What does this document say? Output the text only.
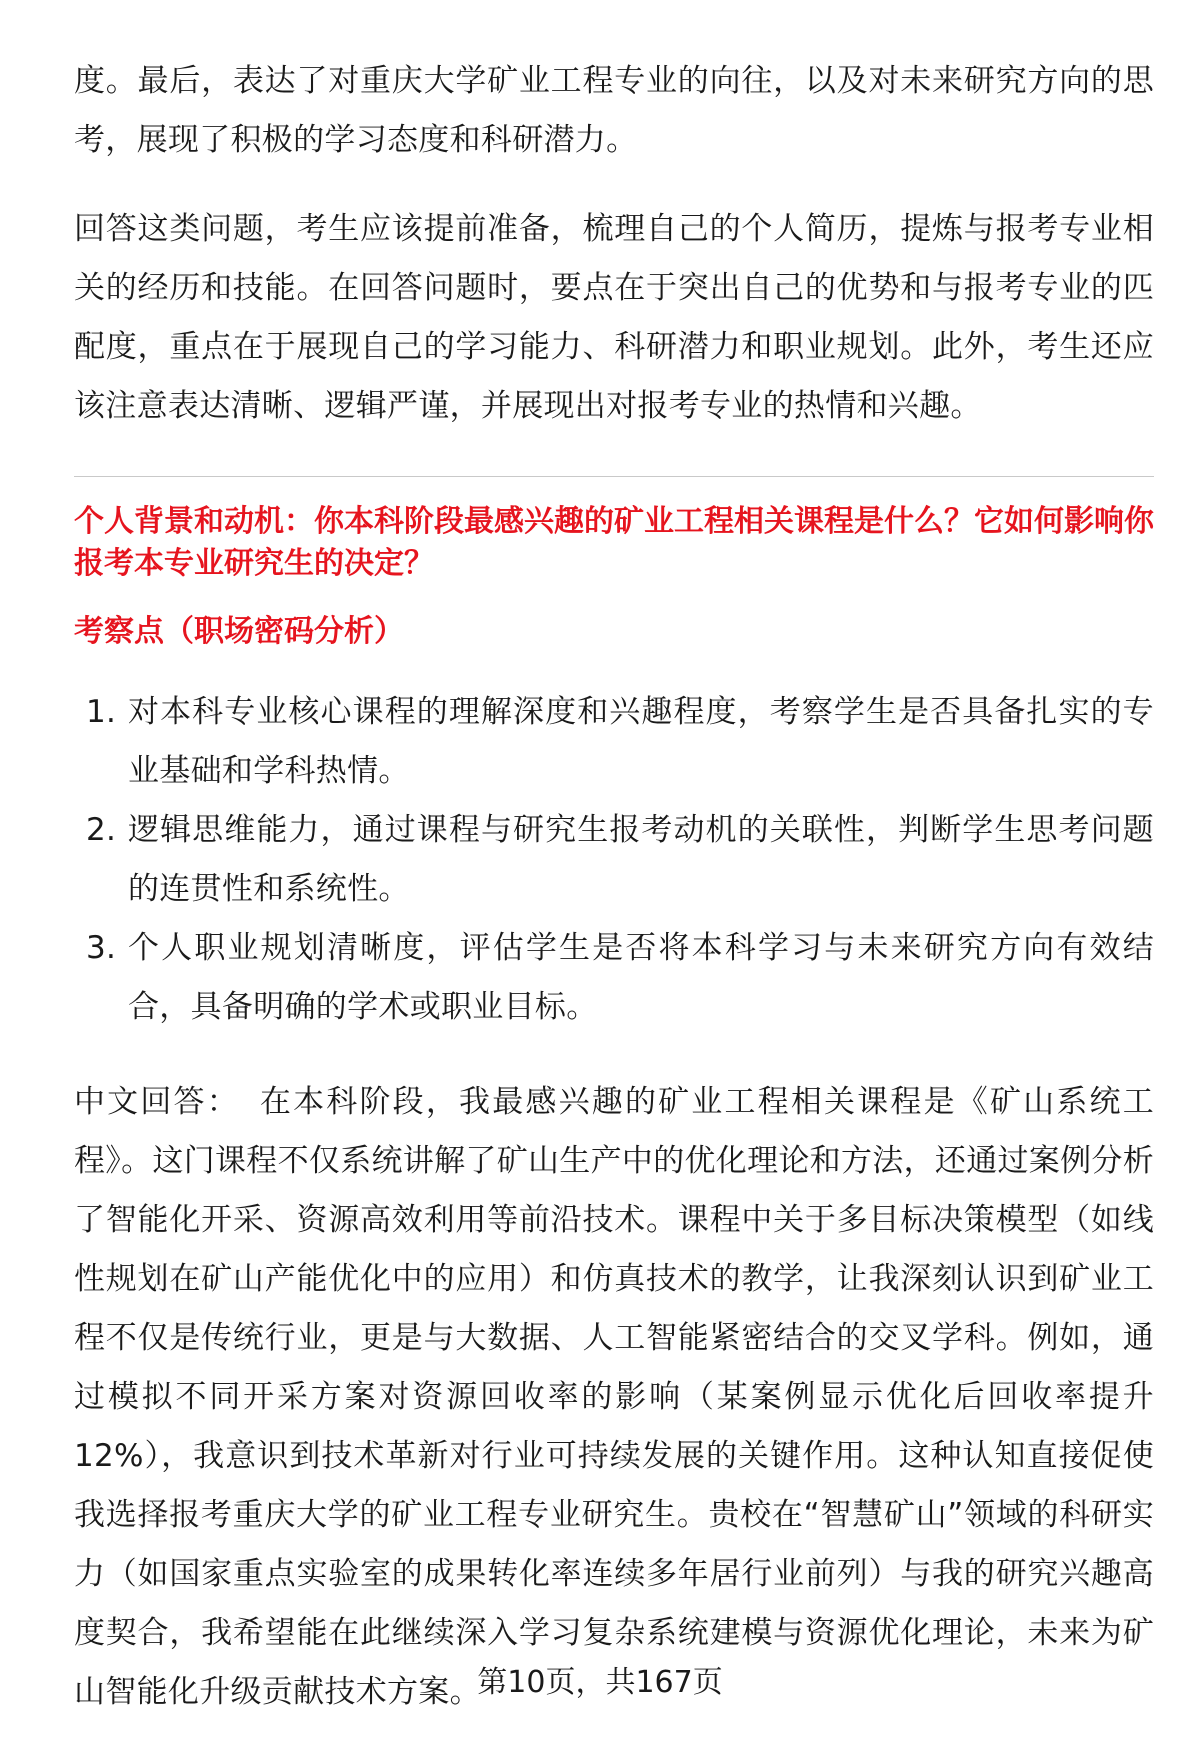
度。最后，表达了对重庆大学矿业工程专业的向往，以及对未来研究方向的思考，展现了积极的学习态度和科研潜力。

回答这类问题，考生应该提前准备，梳理自己的个人简历，提炼与报考专业相关的经历和技能。在回答问题时，要点在于突出自己的优势和与报考专业的匹配度，重点在于展现自己的学习能力、科研潜力和职业规划。此外，考生还应该注意表达清晰、逻辑严谨，并展现出对报考专业的热情和兴趣。

个人背景和动机：你本科阶段最感兴趣的矿业工程相关课程是什么？它如何影响你
报考本专业研究生的决定？

考察点（职场密码分析）

1. 对本科专业核心课程的理解深度和兴趣程度，考察学生是否具备扎实的专业基础和学科热情。
2. 逻辑思维能力，通过课程与研究生报考动机的关联性，判断学生思考问题的连贯性和系统性。
3. 个人职业规划清晰度，评估学生是否将本科学习与未来研究方向有效结合，具备明确的学术或职业目标。

中文回答： 在本科阶段，我最感兴趣的矿业工程相关课程是《矿山系统工程》。这门课程不仅系统讲解了矿山生产中的优化理论和方法，还通过案例分析了智能化开采、资源高效利用等前沿技术。课程中关于多目标决策模型（如线性规划在矿山产能优化中的应用）和仿真技术的教学，让我深刻认识到矿业工程不仅是传统行业，更是与大数据、人工智能紧密结合的交叉学科。例如，通过模拟不同开采方案对资源回收率的影响（某案例显示优化后回收率提升12%），我意识到技术革新对行业可持续发展的关键作用。这种认知直接促使我选择报考重庆大学的矿业工程专业研究生。贵校在“智慧矿山”领域的科研实力（如国家重点实验室的成果转化率连续多年居行业前列）与我的研究兴趣高度契合，我希望能在此继续深入学习复杂系统建模与资源优化理论，未来为矿山智能化升级贡献技术方案。

第10页，共167页
